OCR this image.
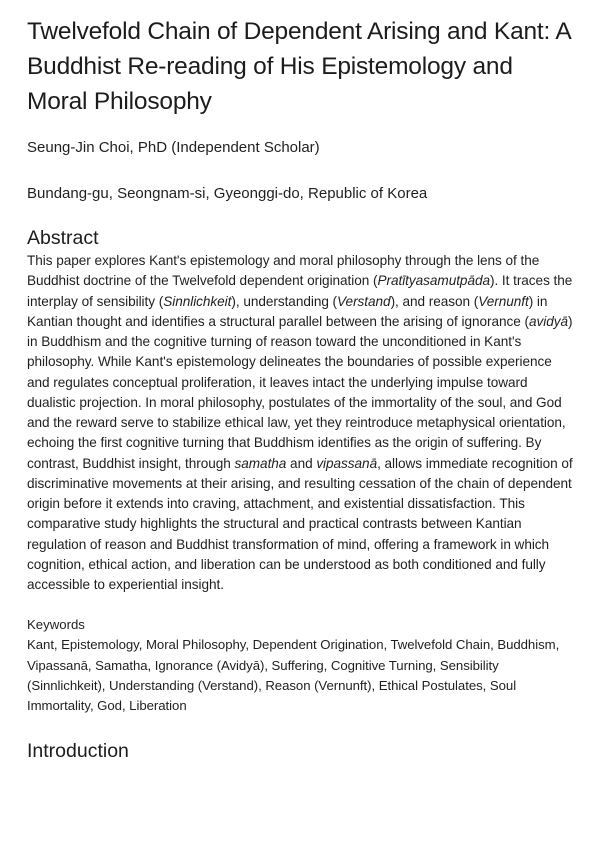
Twelvefold Chain of Dependent Arising and Kant: A Buddhist Re-reading of His Epistemology and Moral Philosophy
Seung-Jin Choi, PhD (Independent Scholar)
Bundang-gu, Seongnam-si, Gyeonggi-do, Republic of Korea
Abstract
This paper explores Kant's epistemology and moral philosophy through the lens of the Buddhist doctrine of the Twelvefold dependent origination (Pratītyasamutpāda). It traces the interplay of sensibility (Sinnlichkeit), understanding (Verstand), and reason (Vernunft) in Kantian thought and identifies a structural parallel between the arising of ignorance (avidyā) in Buddhism and the cognitive turning of reason toward the unconditioned in Kant's philosophy. While Kant's epistemology delineates the boundaries of possible experience and regulates conceptual proliferation, it leaves intact the underlying impulse toward dualistic projection. In moral philosophy, postulates of the immortality of the soul, and God and the reward serve to stabilize ethical law, yet they reintroduce metaphysical orientation, echoing the first cognitive turning that Buddhism identifies as the origin of suffering. By contrast, Buddhist insight, through samatha and vipassanā, allows immediate recognition of discriminative movements at their arising, and resulting cessation of the chain of dependent origin before it extends into craving, attachment, and existential dissatisfaction. This comparative study highlights the structural and practical contrasts between Kantian regulation of reason and Buddhist transformation of mind, offering a framework in which cognition, ethical action, and liberation can be understood as both conditioned and fully accessible to experiential insight.
Keywords
Kant, Epistemology, Moral Philosophy, Dependent Origination, Twelvefold Chain, Buddhism, Vipassanā, Samatha, Ignorance (Avidyā), Suffering, Cognitive Turning, Sensibility (Sinnlichkeit), Understanding (Verstand), Reason (Vernunft), Ethical Postulates, Soul Immortality, God, Liberation
Introduction
